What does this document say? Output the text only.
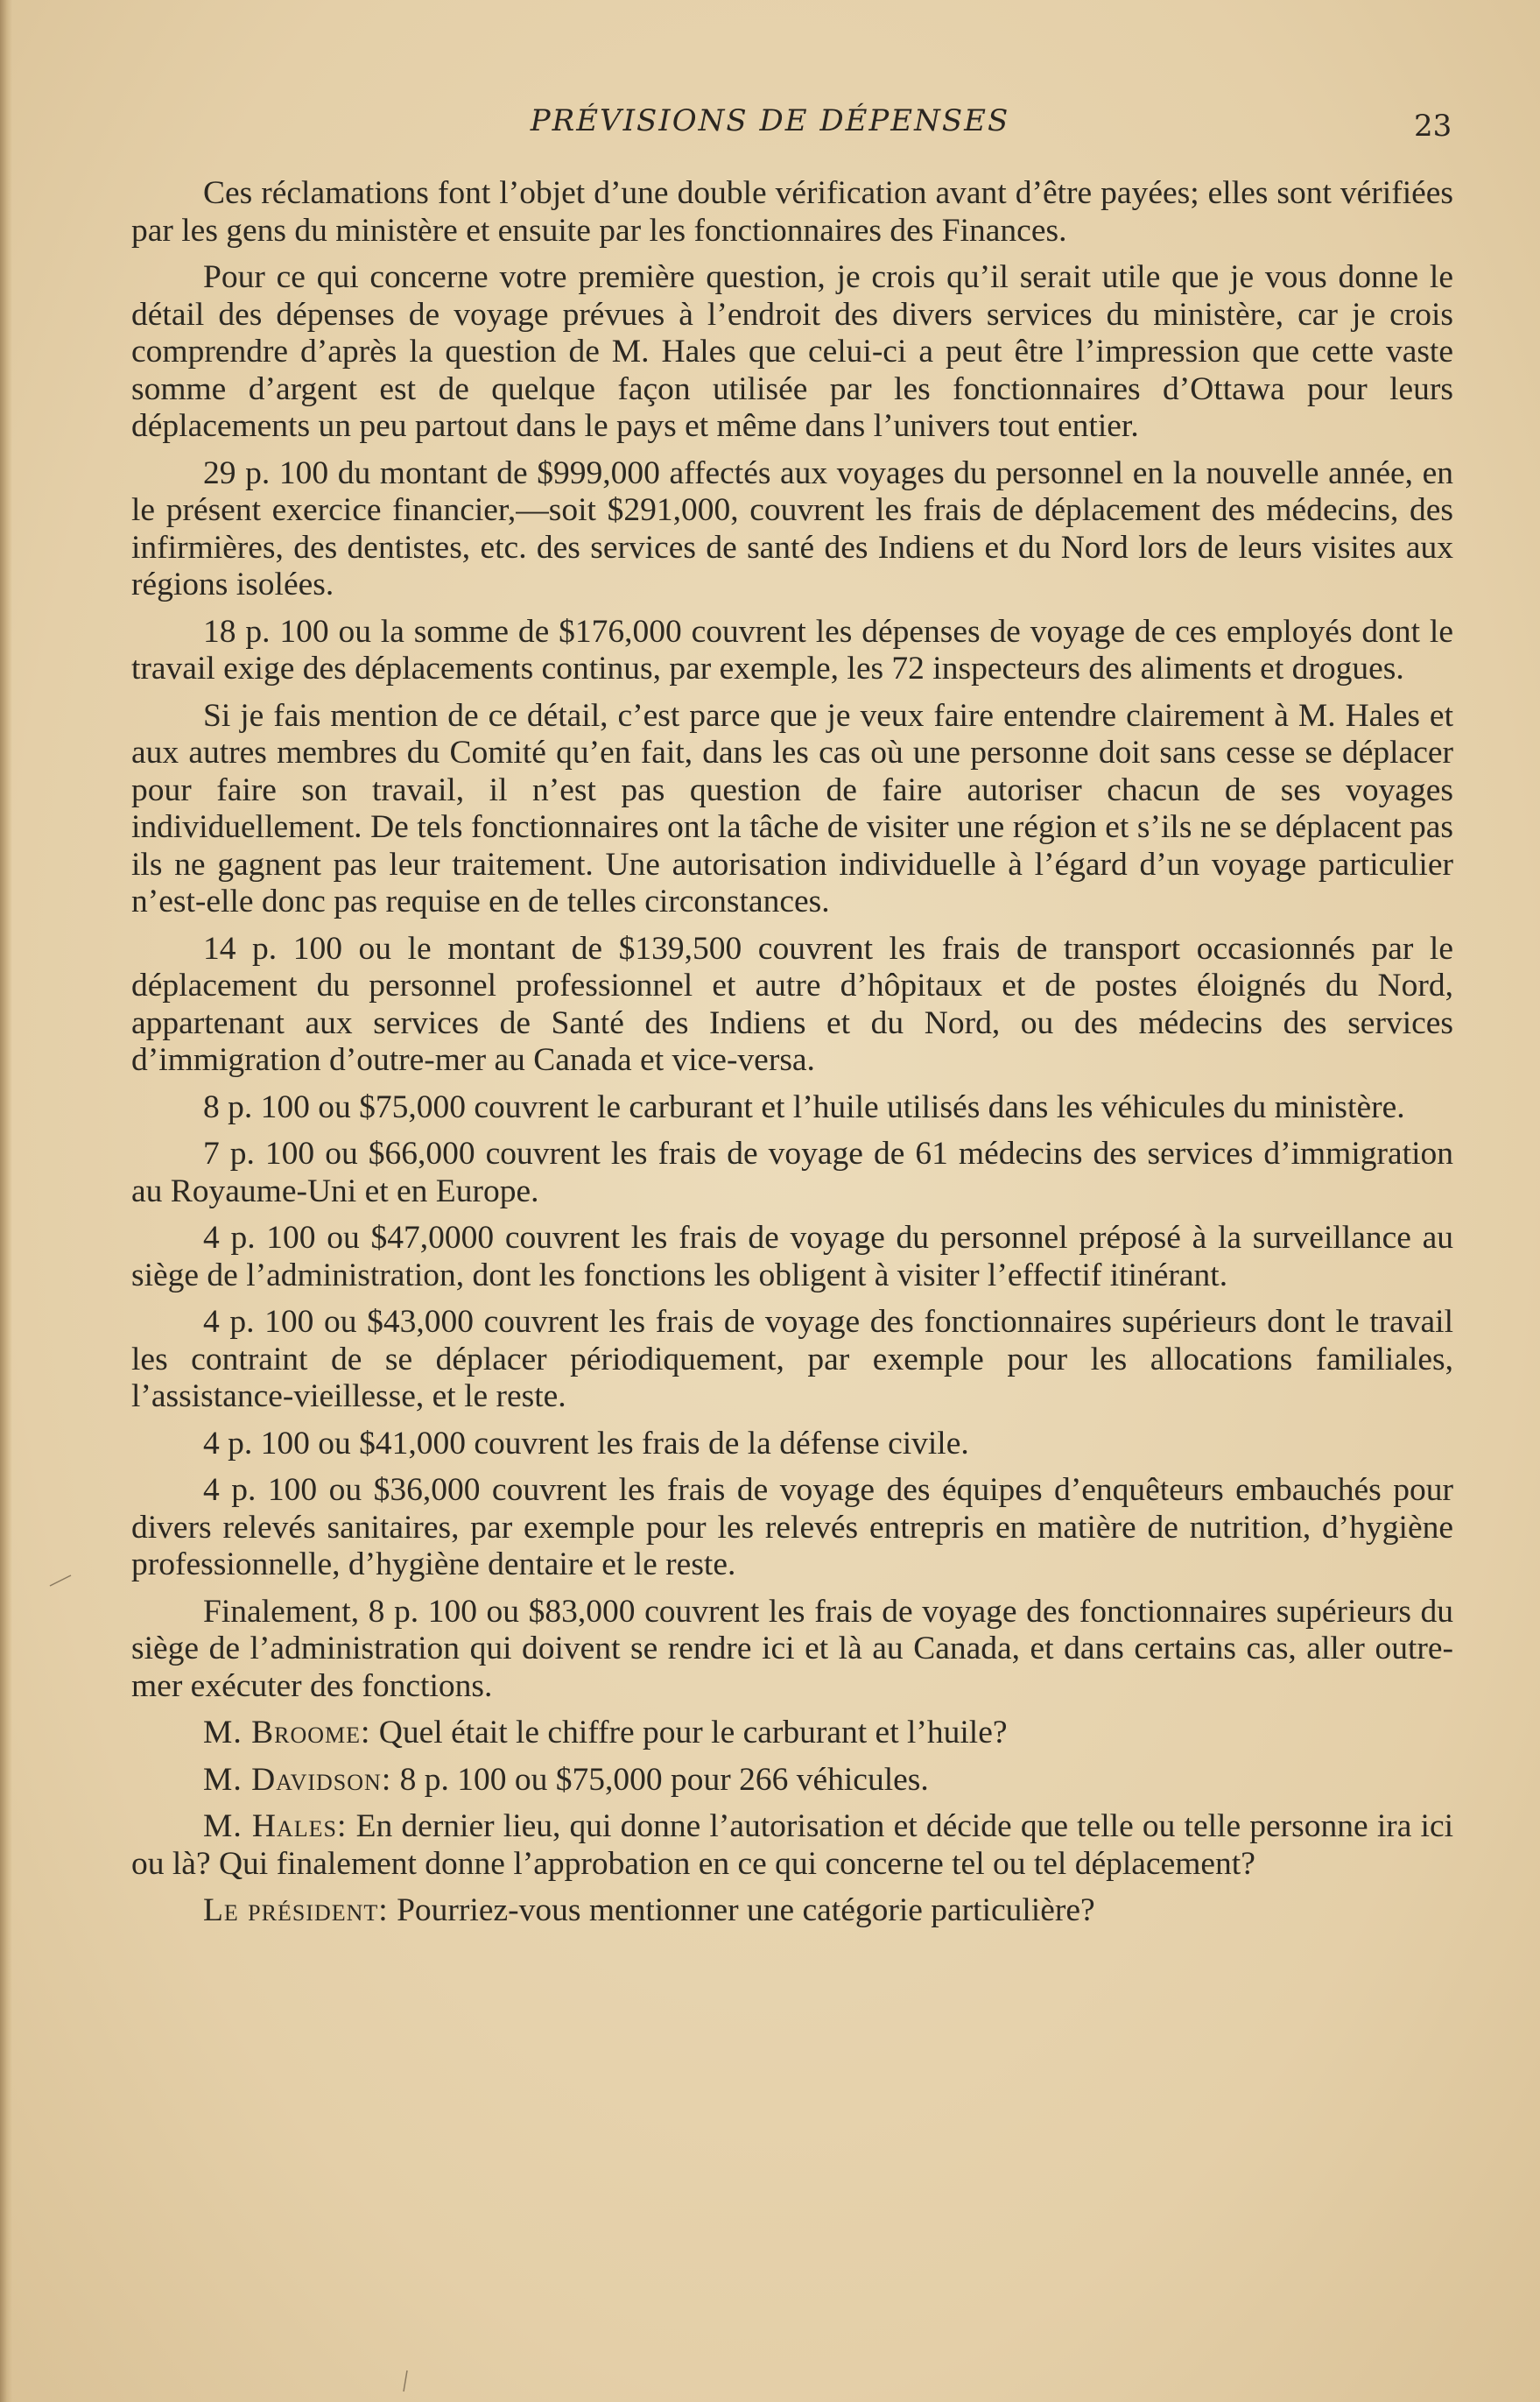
PRÉVISIONS DE DÉPENSES	23

Ces réclamations font l’objet d’une double vérification avant d’être payées; elles sont vérifiées par les gens du ministère et ensuite par les fonctionnaires des Finances.

Pour ce qui concerne votre première question, je crois qu’il serait utile que je vous donne le détail des dépenses de voyage prévues à l’endroit des divers services du ministère, car je crois comprendre d’après la question de M. Hales que celui-ci a peut être l’impression que cette vaste somme d’argent est de quelque façon utilisée par les fonctionnaires d’Ottawa pour leurs déplacements un peu partout dans le pays et même dans l’univers tout entier.

29 p. 100 du montant de $999,000 affectés aux voyages du personnel en la nouvelle année, en le présent exercice financier,—soit $291,000, couvrent les frais de déplacement des médecins, des infirmières, des dentistes, etc. des services de santé des Indiens et du Nord lors de leurs visites aux régions isolées.

18 p. 100 ou la somme de $176,000 couvrent les dépenses de voyage de ces employés dont le travail exige des déplacements continus, par exemple, les 72 inspecteurs des aliments et drogues.

Si je fais mention de ce détail, c’est parce que je veux faire entendre clairement à M. Hales et aux autres membres du Comité qu’en fait, dans les cas où une personne doit sans cesse se déplacer pour faire son travail, il n’est pas question de faire autoriser chacun de ses voyages individuellement. De tels fonctionnaires ont la tâche de visiter une région et s’ils ne se déplacent pas ils ne gagnent pas leur traitement. Une autorisation individuelle à l’égard d’un voyage particulier n’est-elle donc pas requise en de telles circonstances.

14 p. 100 ou le montant de $139,500 couvrent les frais de transport occasionnés par le déplacement du personnel professionnel et autre d’hôpitaux et de postes éloignés du Nord, appartenant aux services de Santé des Indiens et du Nord, ou des médecins des services d’immigration d’outre-mer au Canada et vice-versa.

8 p. 100 ou $75,000 couvrent le carburant et l’huile utilisés dans les véhicules du ministère.

7 p. 100 ou $66,000 couvrent les frais de voyage de 61 médecins des services d’immigration au Royaume-Uni et en Europe.

4 p. 100 ou $47,0000 couvrent les frais de voyage du personnel préposé à la surveillance au siège de l’administration, dont les fonctions les obligent à visiter l’effectif itinérant.

4 p. 100 ou $43,000 couvrent les frais de voyage des fonctionnaires supérieurs dont le travail les contraint de se déplacer périodiquement, par exemple pour les allocations familiales, l’assistance-vieillesse, et le reste.

4 p. 100 ou $41,000 couvrent les frais de la défense civile.

4 p. 100 ou $36,000 couvrent les frais de voyage des équipes d’enquêteurs embauchés pour divers relevés sanitaires, par exemple pour les relevés entrepris en matière de nutrition, d’hygiène professionnelle, d’hygiène dentaire et le reste.

Finalement, 8 p. 100 ou $83,000 couvrent les frais de voyage des fonctionnaires supérieurs du siège de l’administration qui doivent se rendre ici et là au Canada, et dans certains cas, aller outre-mer exécuter des fonctions.

M. Broome: Quel était le chiffre pour le carburant et l’huile?

M. Davidson: 8 p. 100 ou $75,000 pour 266 véhicules.

M. Hales: En dernier lieu, qui donne l’autorisation et décide que telle ou telle personne ira ici ou là? Qui finalement donne l’approbation en ce qui concerne tel ou tel déplacement?

Le président: Pourriez-vous mentionner une catégorie particulière?
